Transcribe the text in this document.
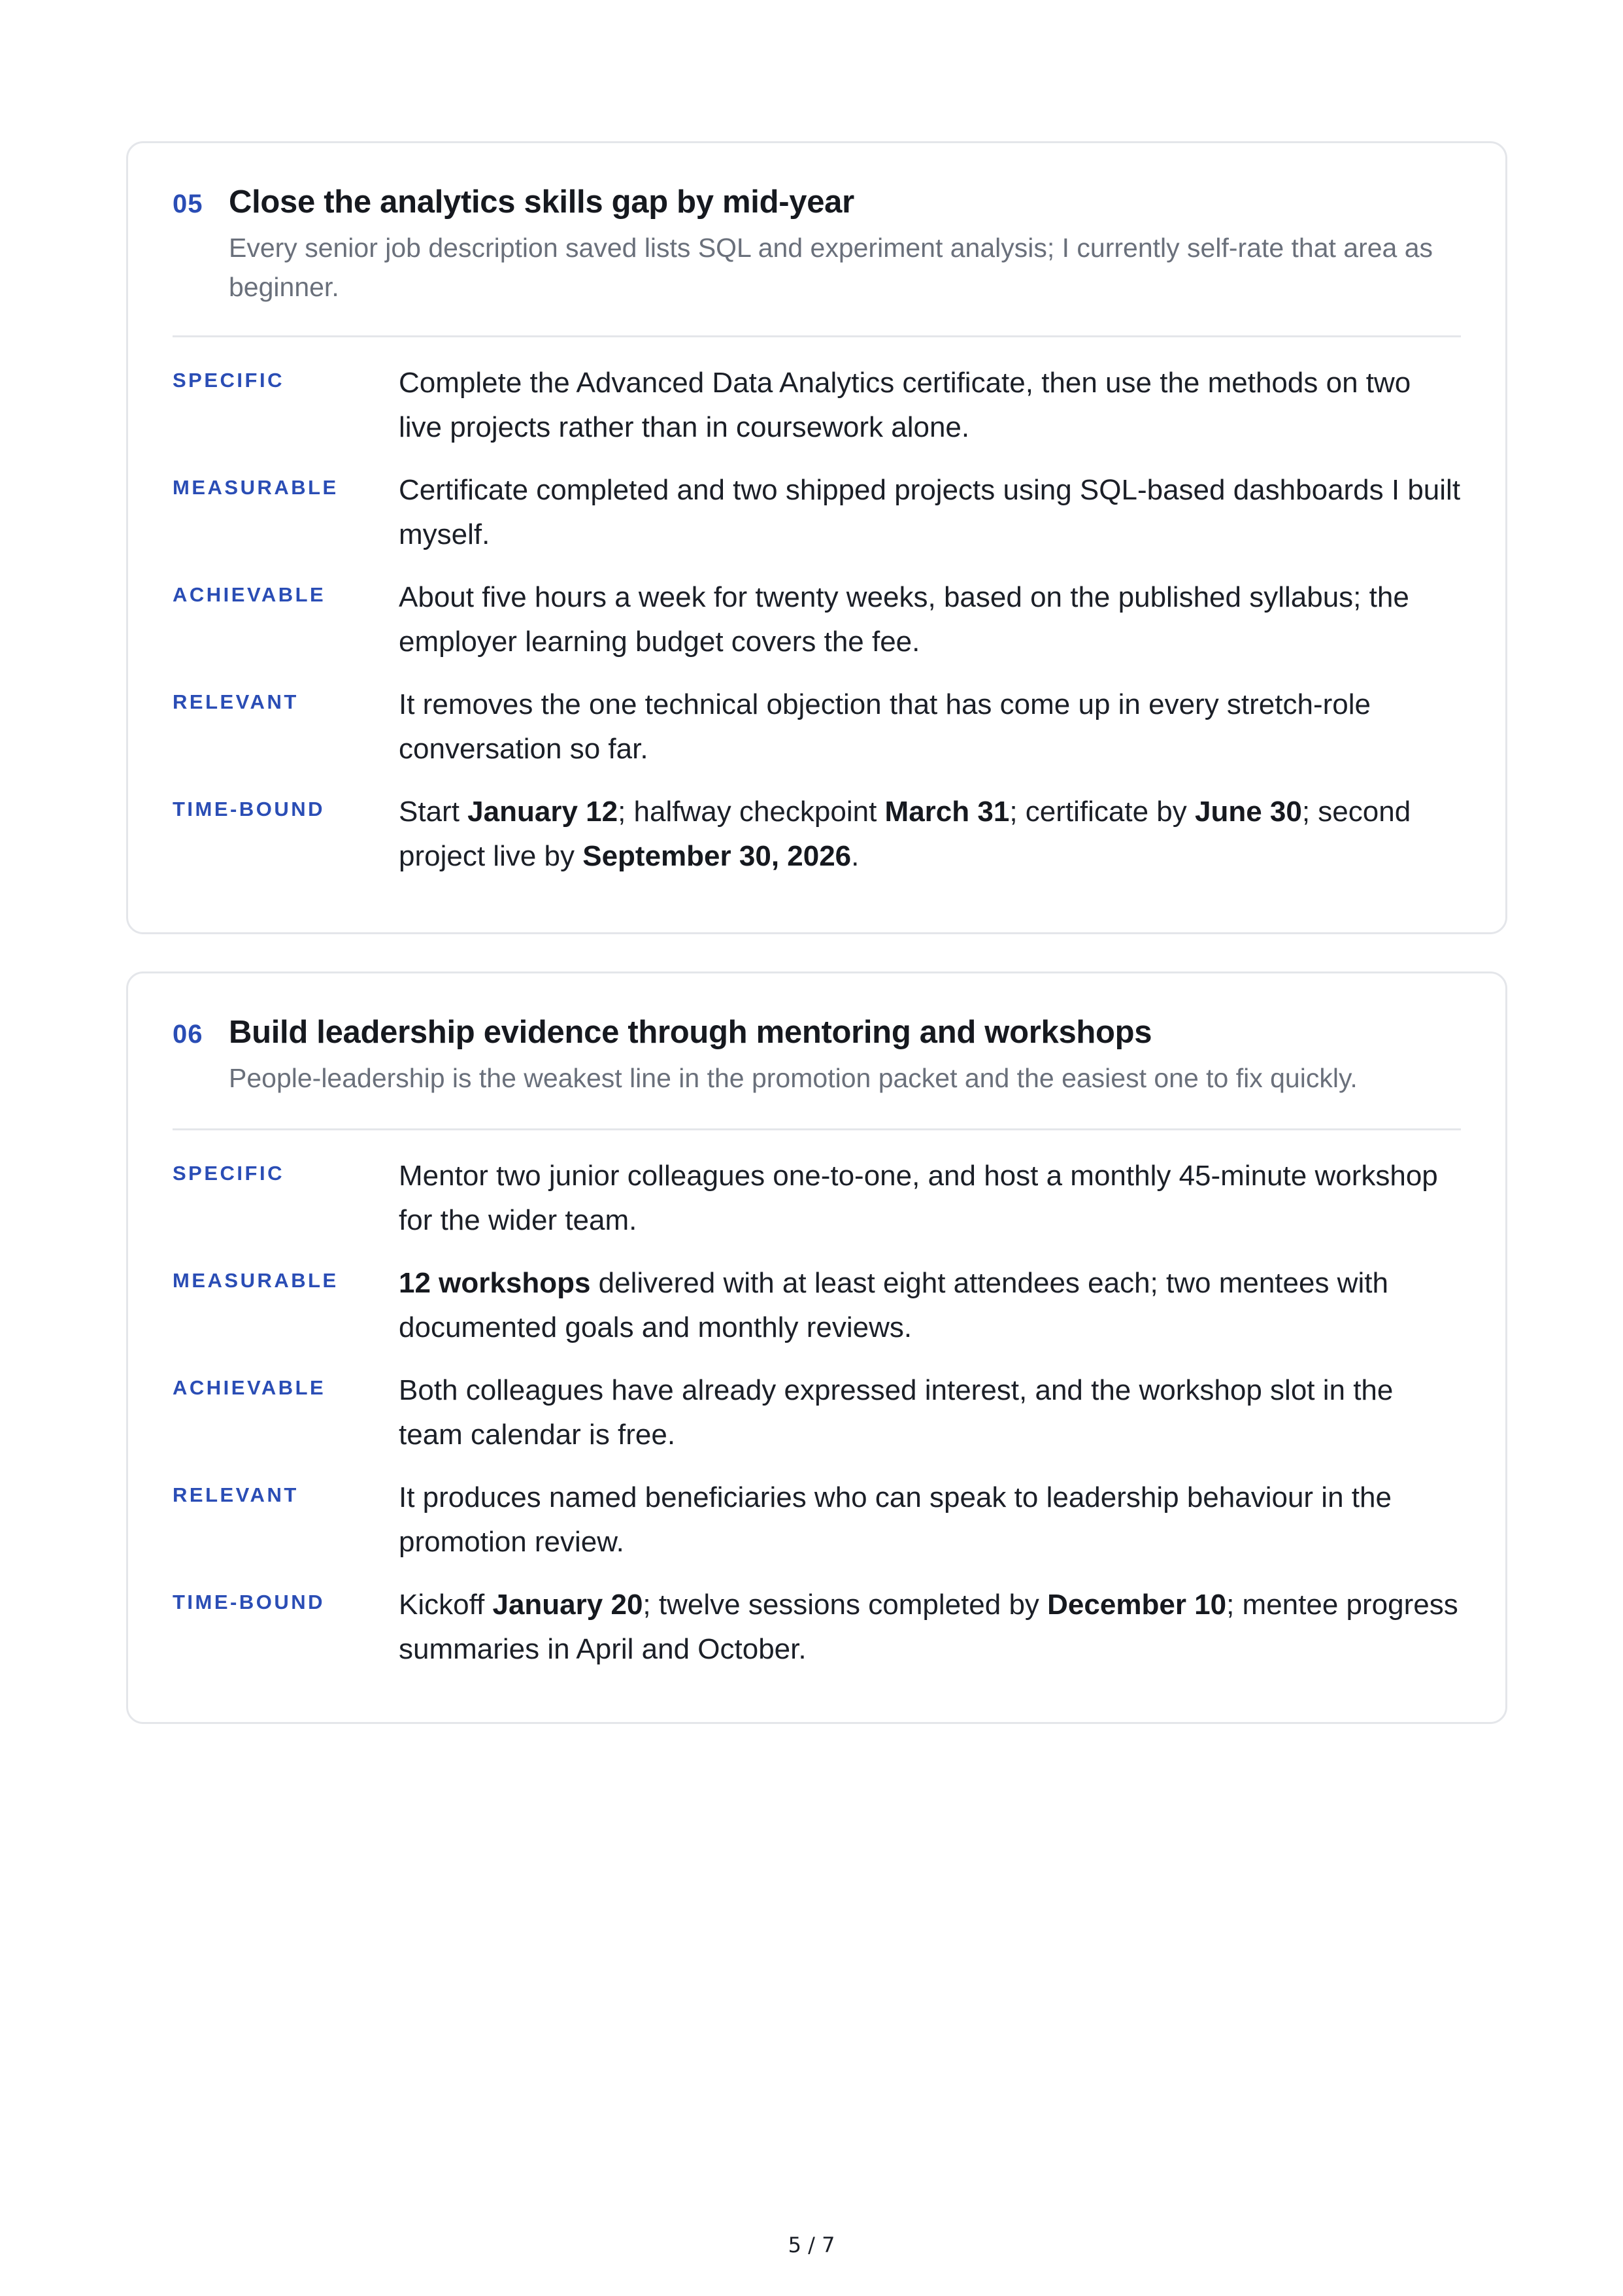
05 Close the analytics skills gap by mid-year
Every senior job description saved lists SQL and experiment analysis; I currently self-rate that area as beginner.
SPECIFIC	Complete the Advanced Data Analytics certificate, then use the methods on two live projects rather than in coursework alone.
MEASURABLE	Certificate completed and two shipped projects using SQL-based dashboards I built myself.
ACHIEVABLE	About five hours a week for twenty weeks, based on the published syllabus; the employer learning budget covers the fee.
RELEVANT	It removes the one technical objection that has come up in every stretch-role conversation so far.
TIME-BOUND	Start January 12; halfway checkpoint March 31; certificate by June 30; second project live by September 30, 2026.
06 Build leadership evidence through mentoring and workshops
People-leadership is the weakest line in the promotion packet and the easiest one to fix quickly.
SPECIFIC	Mentor two junior colleagues one-to-one, and host a monthly 45-minute workshop for the wider team.
MEASURABLE	12 workshops delivered with at least eight attendees each; two mentees with documented goals and monthly reviews.
ACHIEVABLE	Both colleagues have already expressed interest, and the workshop slot in the team calendar is free.
RELEVANT	It produces named beneficiaries who can speak to leadership behaviour in the promotion review.
TIME-BOUND	Kickoff January 20; twelve sessions completed by December 10; mentee progress summaries in April and October.
5 / 7
